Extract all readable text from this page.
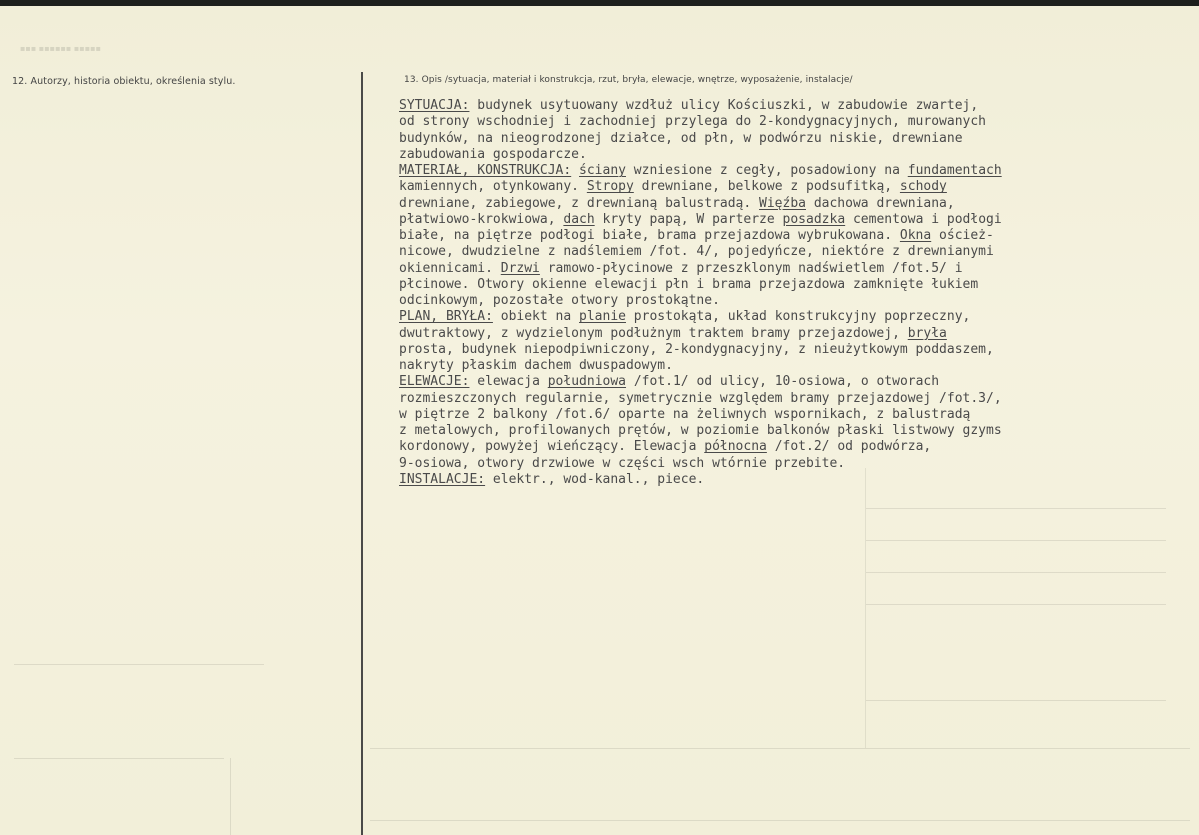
▪▪▪ ▪▪▪▪▪▪ ▪▪▪▪▪
12. Autorzy, historia obiektu, określenia stylu.	13. Opis /sytuacja, materiał i konstrukcja, rzut, bryła, elewacje, wnętrze, wyposażenie, instalacje/
SYTUACJA: budynek usytuowany wzdłuż ulicy Kościuszki, w zabudowie zwartej,
od strony wschodniej i zachodniej przylega do 2-kondygnacyjnych, murowanych
budynków, na nieogrodzonej działce, od płn, w podwórzu niskie, drewniane
zabudowania gospodarcze.
MATERIAŁ, KONSTRUKCJA: ściany wzniesione z cegły, posadowiony na fundamentach
kamiennych, otynkowany. Stropy drewniane, belkowe z podsufitką, schody
drewniane, zabiegowe, z drewnianą balustradą. Więźba dachowa drewniana,
płatwiowo-krokwiowa, dach kryty papą, W parterze posadzka cementowa i podłogi
białe, na piętrze podłogi białe, brama przejazdowa wybrukowana. Okna oścież-
nicowe, dwudzielne z nadślemiem /fot. 4/, pojedyńcze, niektóre z drewnianymi
okiennicami. Drzwi ramowo-płycinowe z przeszklonym nadświetlem /fot.5/ i
płcinowe. Otwory okienne elewacji płn i brama przejazdowa zamknięte łukiem
odcinkowym, pozostałe otwory prostokątne.
PLAN, BRYŁA: obiekt na planie prostokąta, układ konstrukcyjny poprzeczny,
dwutraktowy, z wydzielonym podłużnym traktem bramy przejazdowej, bryła
prosta, budynek niepodpiwniczony, 2-kondygnacyjny, z nieużytkowym poddaszem,
nakryty płaskim dachem dwuspadowym.
ELEWACJE: elewacja południowa /fot.1/ od ulicy, 10-osiowa, o otworach
rozmieszczonych regularnie, symetrycznie względem bramy przejazdowej /fot.3/,
w piętrze 2 balkony /fot.6/ oparte na żeliwnych wspornikach, z balustradą
z metalowych, profilowanych prętów, w poziomie balkonów płaski listwowy gzyms
kordonowy, powyżej wieńczący. Elewacja północna /fot.2/ od podwórza,
9-osiowa, otwory drzwiowe w części wsch wtórnie przebite.
INSTALACJE: elektr., wod-kanal., piece.
